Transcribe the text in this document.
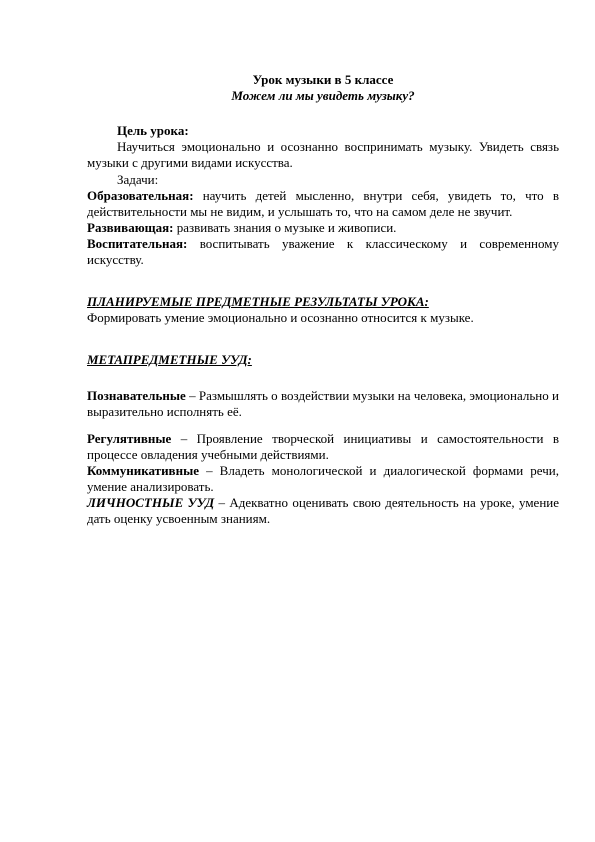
Урок музыки в 5 классе
Можем ли мы увидеть музыку?

Цель урока:

Научиться эмоционально и осознанно воспринимать музыку. Увидеть связь музыки с другими видами искусства.

Задачи:

Образовательная: научить детей мысленно, внутри себя, увидеть то, что в действительности мы не видим, и услышать то, что на самом деле не звучит.

Развивающая: развивать знания о музыке и живописи.

Воспитательная: воспитывать уважение к классическому и современному искусству.

ПЛАНИРУЕМЫЕ ПРЕДМЕТНЫЕ РЕЗУЛЬТАТЫ УРОКА:

Формировать умение эмоционально и осознанно относится к музыке.

МЕТАПРЕДМЕТНЫЕ УУД:

Познавательные – Размышлять о воздействии музыки на человека, эмоционально и выразительно исполнять её.

Регулятивные – Проявление творческой инициативы и самостоятельности в процессе овладения учебными действиями.

Коммуникативные – Владеть монологической и диалогической формами речи, умение анализировать.

ЛИЧНОСТНЫЕ УУД – Адекватно оценивать свою деятельность на уроке, умение дать оценку усвоенным знаниям.
